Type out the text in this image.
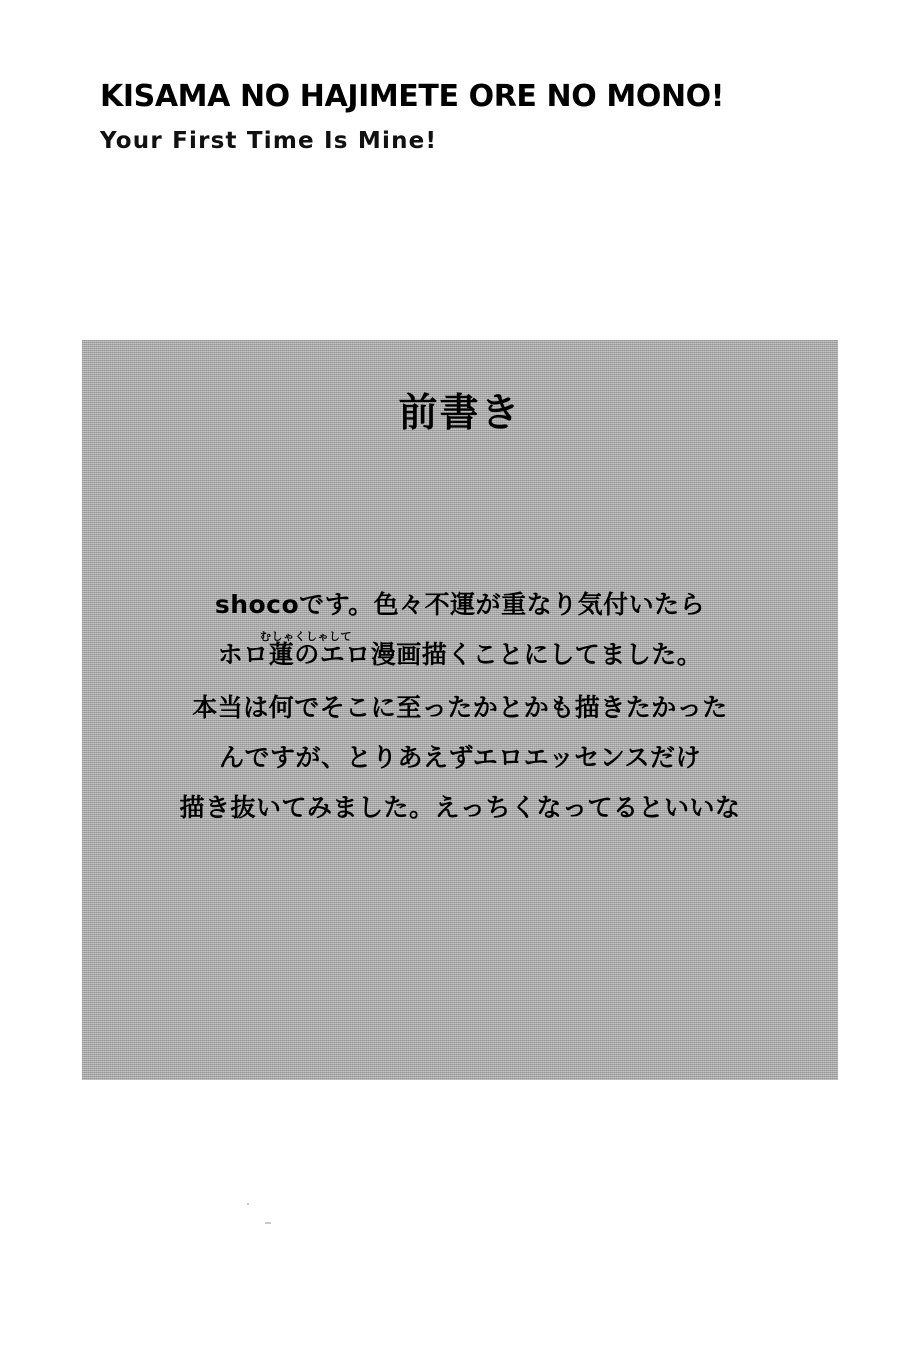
KISAMA NO HAJIMETE ORE NO MONO!
Your First Time Is Mine!
前書き
shocoです。色々不運が重なり気付いたら
むしゃくしゃして
ホロ蓮のエロ漫画描くことにしてました。
本当は何でそこに至ったかとかも描きたかった
んですが、とりあえずエロエッセンスだけ
描き抜いてみました。えっちくなってるといいな
